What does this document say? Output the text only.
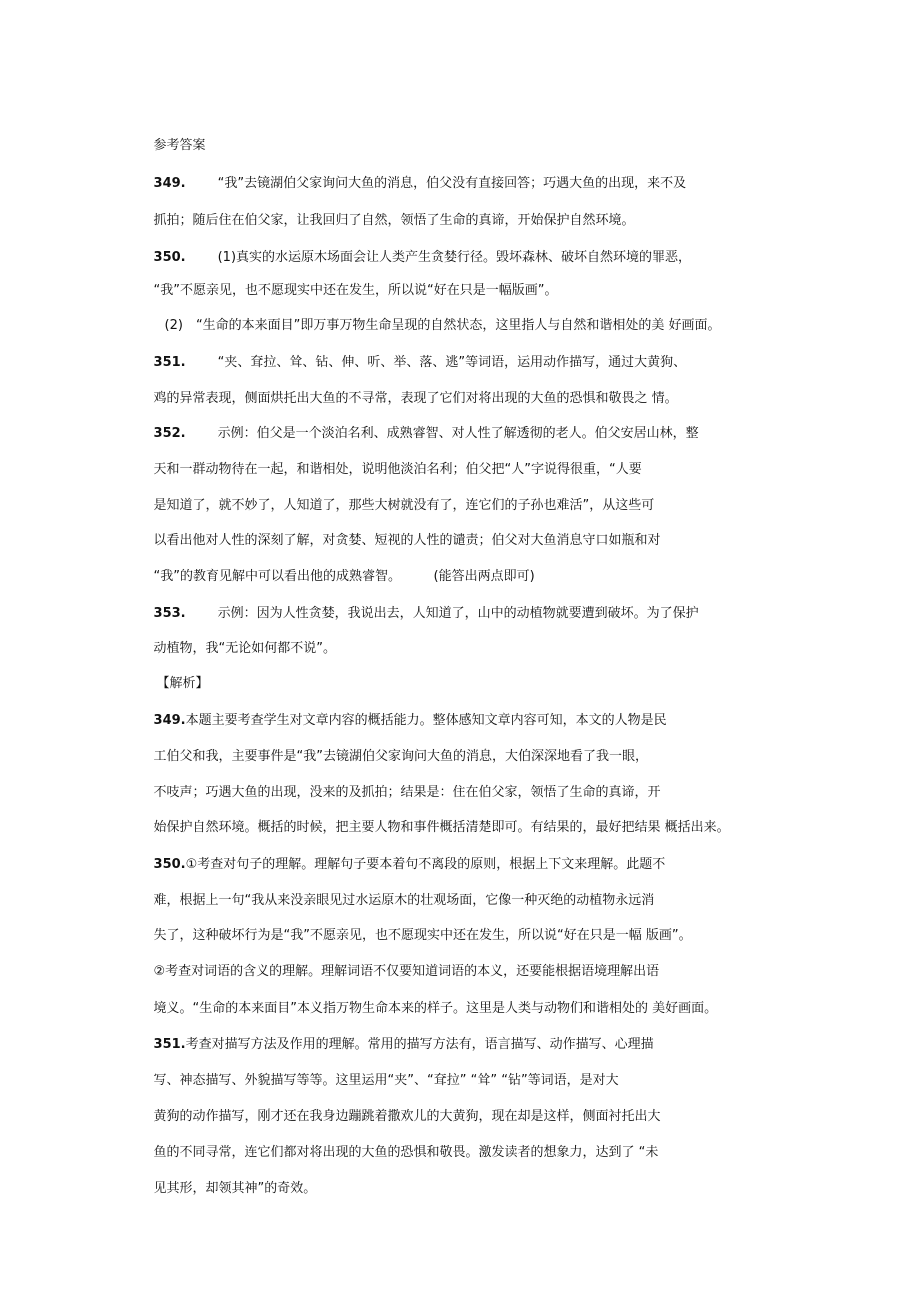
参考答案

349. “我”去镜湖伯父家询问大鱼的消息，伯父没有直接回答；巧遇大鱼的出现，来不及

抓拍；随后住在伯父家，让我回归了自然，领悟了生命的真谛，开始保护自然环境。

350. (1)真实的水运原木场面会让人类产生贪婪行径。毁坏森林、破坏自然环境的罪恶，

“我”不愿亲见，也不愿现实中还在发生，所以说“好在只是一幅版画”。

(2)　“生命的本来面目”即万事万物生命呈现的自然状态，这里指人与自然和谐相处的美 好画面。

351. “夹、耷拉、耸、钻、伸、听、举、落、逃”等词语，运用动作描写，通过大黄狗、

鸡的异常表现，侧面烘托出大鱼的不寻常，表现了它们对将出现的大鱼的恐惧和敬畏之 情。

352. 示例：伯父是一个淡泊名利、成熟睿智、对人性了解透彻的老人。伯父安居山林，整

天和一群动物待在一起，和谐相处，说明他淡泊名利；伯父把“人”字说得很重，“人要

是知道了，就不妙了，人知道了，那些大树就没有了，连它们的子孙也难活”，从这些可

以看出他对人性的深刻了解，对贪婪、短视的人性的谴责；伯父对大鱼消息守口如瓶和对

“我”的教育见解中可以看出他的成熟睿智。　　　(能答出两点即可)

353. 示例：因为人性贪婪，我说出去，人知道了，山中的动植物就要遭到破坏。为了保护

动植物，我“无论如何都不说”。

【解析】

349.本题主要考查学生对文章内容的概括能力。整体感知文章内容可知，本文的人物是民

工伯父和我，主要事件是“我”去镜湖伯父家询问大鱼的消息，大伯深深地看了我一眼，

不吱声；巧遇大鱼的出现，没来的及抓拍；结果是：住在伯父家，领悟了生命的真谛，开

始保护自然环境。概括的时候，把主要人物和事件概括清楚即可。有结果的，最好把结果 概括出来。

350.①考查对句子的理解。理解句子要本着句不离段的原则，根据上下文来理解。此题不

难，根据上一句“我从来没亲眼见过水运原木的壮观场面，它像一种灭绝的动植物永远消

失了，这种破坏行为是“我”不愿亲见，也不愿现实中还在发生，所以说“好在只是一幅 版画”。

②考查对词语的含义的理解。理解词语不仅要知道词语的本义，还要能根据语境理解出语

境义。“生命的本来面目”本义指万物生命本来的样子。这里是人类与动物们和谐相处的 美好画面。

351.考查对描写方法及作用的理解。常用的描写方法有，语言描写、动作描写、心理描

写、神态描写、外貌描写等等。这里运用“夹”、“耷拉” “耸” “钻”等词语，是对大

黄狗的动作描写，刚才还在我身边蹦跳着撒欢儿的大黄狗，现在却是这样，侧面衬托出大

鱼的不同寻常，连它们都对将出现的大鱼的恐惧和敬畏。激发读者的想象力，达到了 “未

见其形，却领其神”的奇效。
